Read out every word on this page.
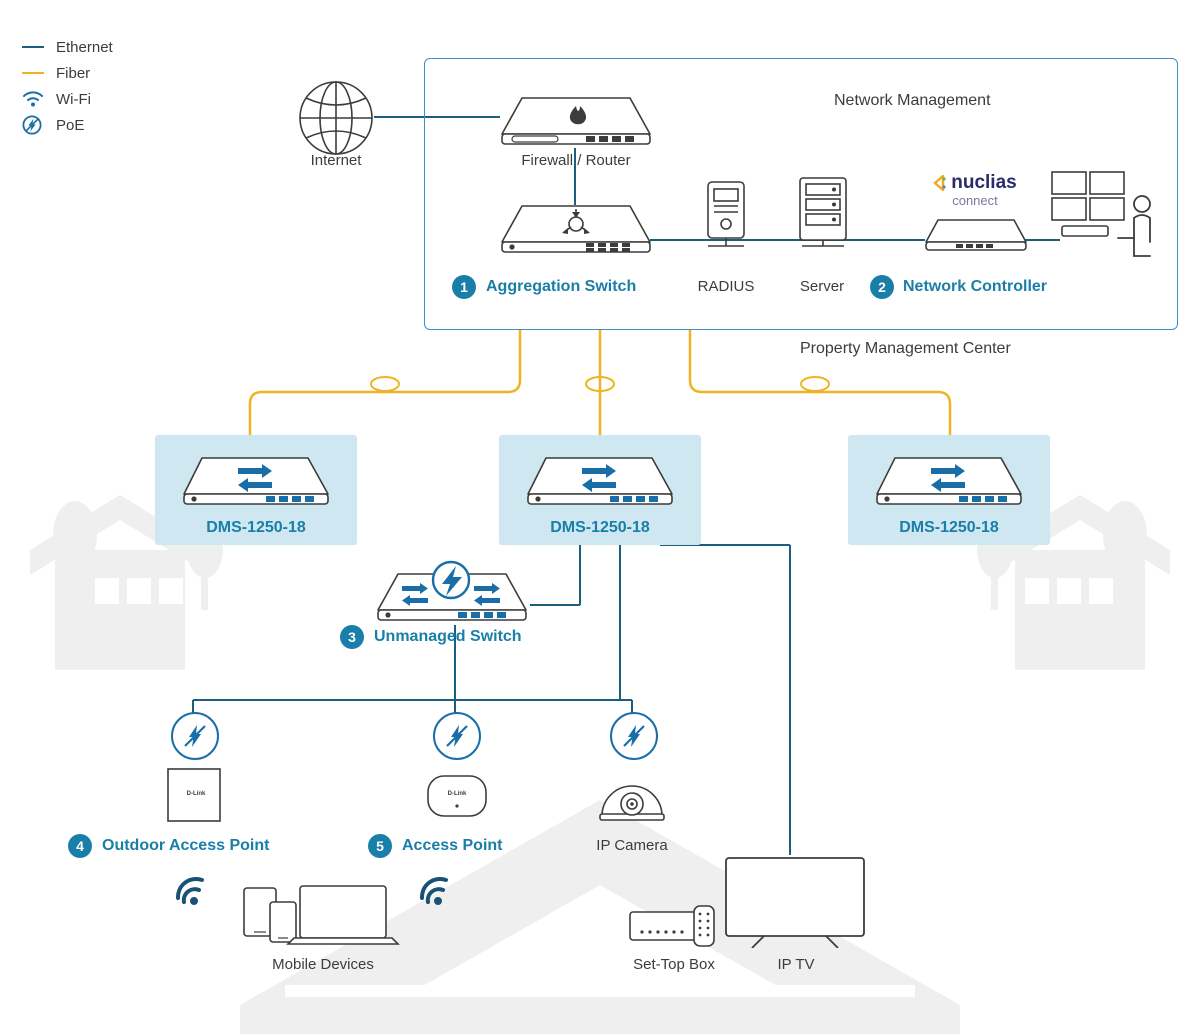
Ethernet
Fiber
Wi-Fi
PoE
Network Management
Property Management Center
Internet	Firewall / Router
1 Aggregation Switch	RADIUS	Server
nuclias
connect
2 Network Controller
DMS-1250-18	DMS-1250-18	DMS-1250-18
3 Unmanaged Switch
D-Link
4 Outdoor Access Point
D-Link
5 Access Point	IP Camera
Mobile Devices	Set-Top Box	IP TV
